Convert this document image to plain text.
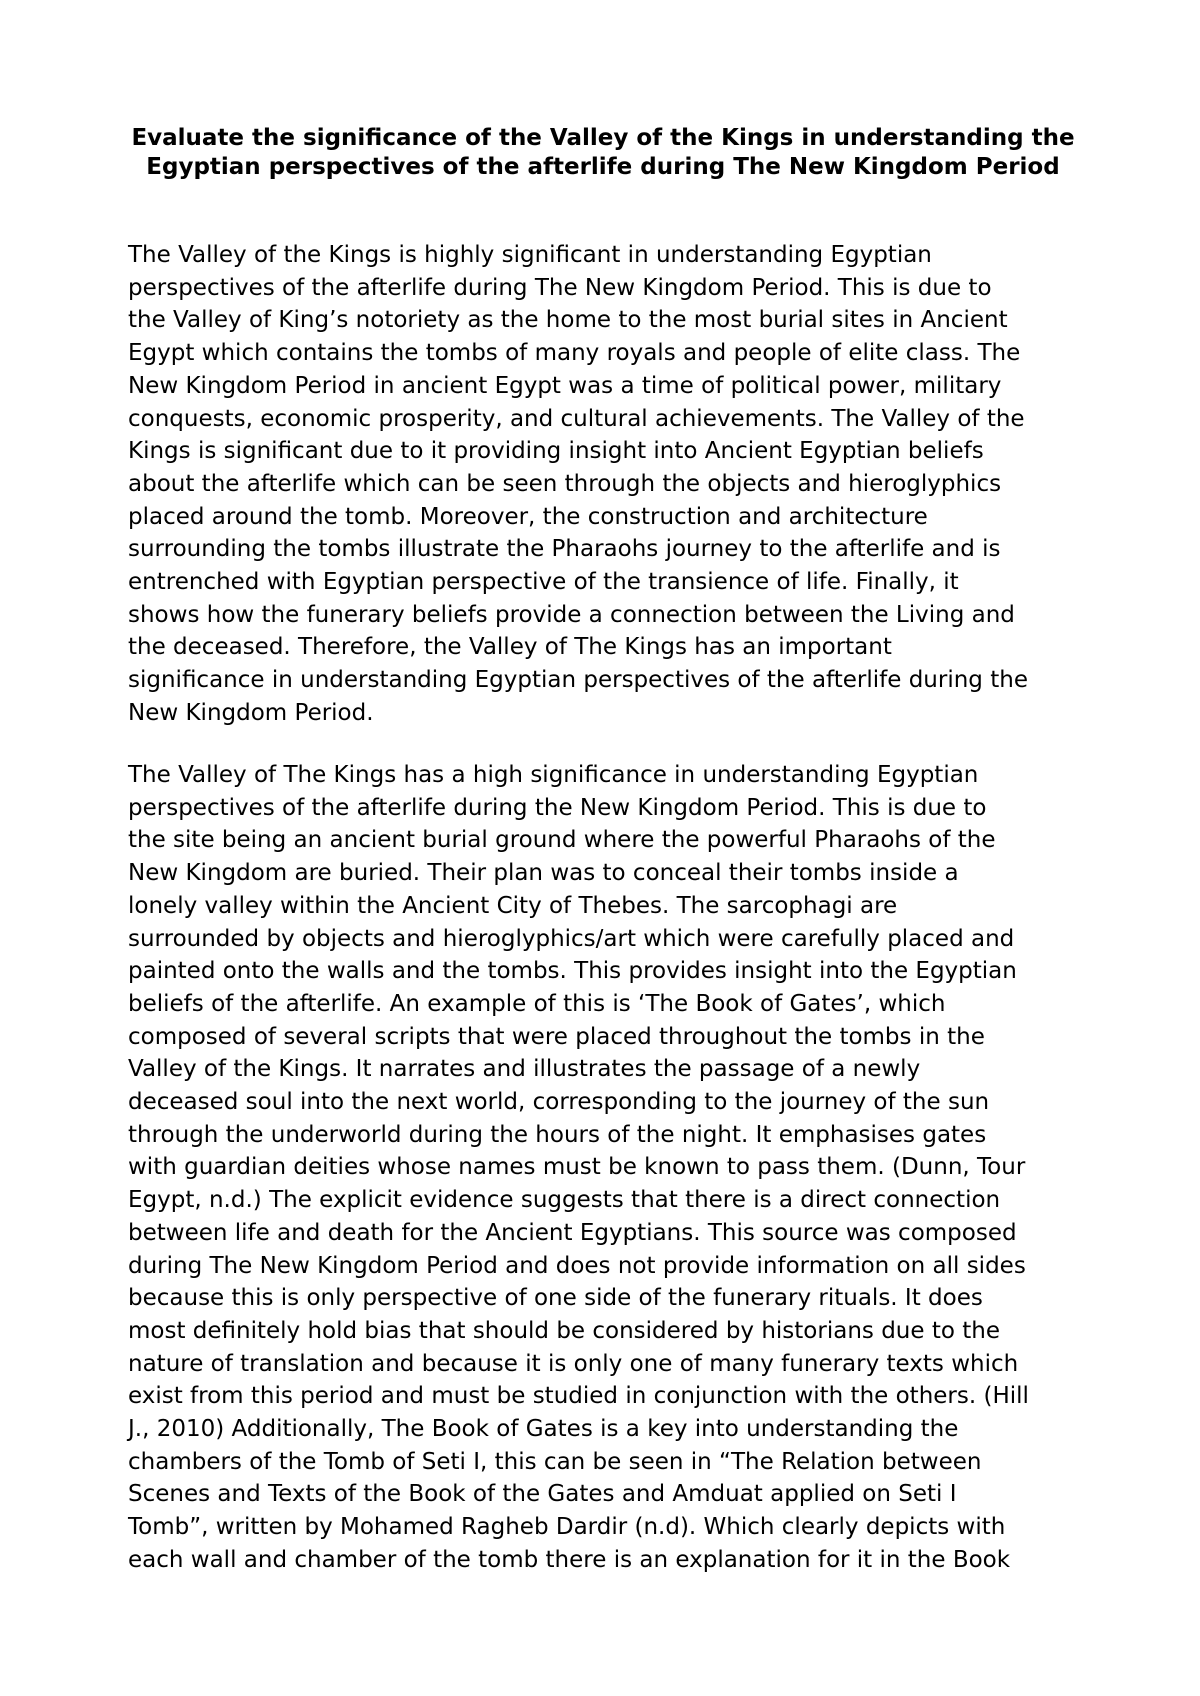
Evaluate the significance of the Valley of the Kings in understanding the Egyptian perspectives of the afterlife during The New Kingdom Period
The Valley of the Kings is highly significant in understanding Egyptian
perspectives of the afterlife during The New Kingdom Period. This is due to
the Valley of King’s notoriety as the home to the most burial sites in Ancient
Egypt which contains the tombs of many royals and people of elite class. The
New Kingdom Period in ancient Egypt was a time of political power, military
conquests, economic prosperity, and cultural achievements. The Valley of the
Kings is significant due to it providing insight into Ancient Egyptian beliefs
about the afterlife which can be seen through the objects and hieroglyphics
placed around the tomb. Moreover, the construction and architecture
surrounding the tombs illustrate the Pharaohs journey to the afterlife and is
entrenched with Egyptian perspective of the transience of life. Finally, it
shows how the funerary beliefs provide a connection between the Living and
the deceased. Therefore, the Valley of The Kings has an important
significance in understanding Egyptian perspectives of the afterlife during the
New Kingdom Period.
The Valley of The Kings has a high significance in understanding Egyptian
perspectives of the afterlife during the New Kingdom Period. This is due to
the site being an ancient burial ground where the powerful Pharaohs of the
New Kingdom are buried. Their plan was to conceal their tombs inside a
lonely valley within the Ancient City of Thebes. The sarcophagi are
surrounded by objects and hieroglyphics/art which were carefully placed and
painted onto the walls and the tombs. This provides insight into the Egyptian
beliefs of the afterlife. An example of this is ‘The Book of Gates’, which
composed of several scripts that were placed throughout the tombs in the
Valley of the Kings. It narrates and illustrates the passage of a newly
deceased soul into the next world, corresponding to the journey of the sun
through the underworld during the hours of the night. It emphasises gates
with guardian deities whose names must be known to pass them. (Dunn, Tour
Egypt, n.d.) The explicit evidence suggests that there is a direct connection
between life and death for the Ancient Egyptians. This source was composed
during The New Kingdom Period and does not provide information on all sides
because this is only perspective of one side of the funerary rituals. It does
most definitely hold bias that should be considered by historians due to the
nature of translation and because it is only one of many funerary texts which
exist from this period and must be studied in conjunction with the others. (Hill
J., 2010) Additionally, The Book of Gates is a key into understanding the
chambers of the Tomb of Seti I, this can be seen in “The Relation between
Scenes and Texts of the Book of the Gates and Amduat applied on Seti I
Tomb”, written by Mohamed Ragheb Dardir (n.d). Which clearly depicts with
each wall and chamber of the tomb there is an explanation for it in the Book
